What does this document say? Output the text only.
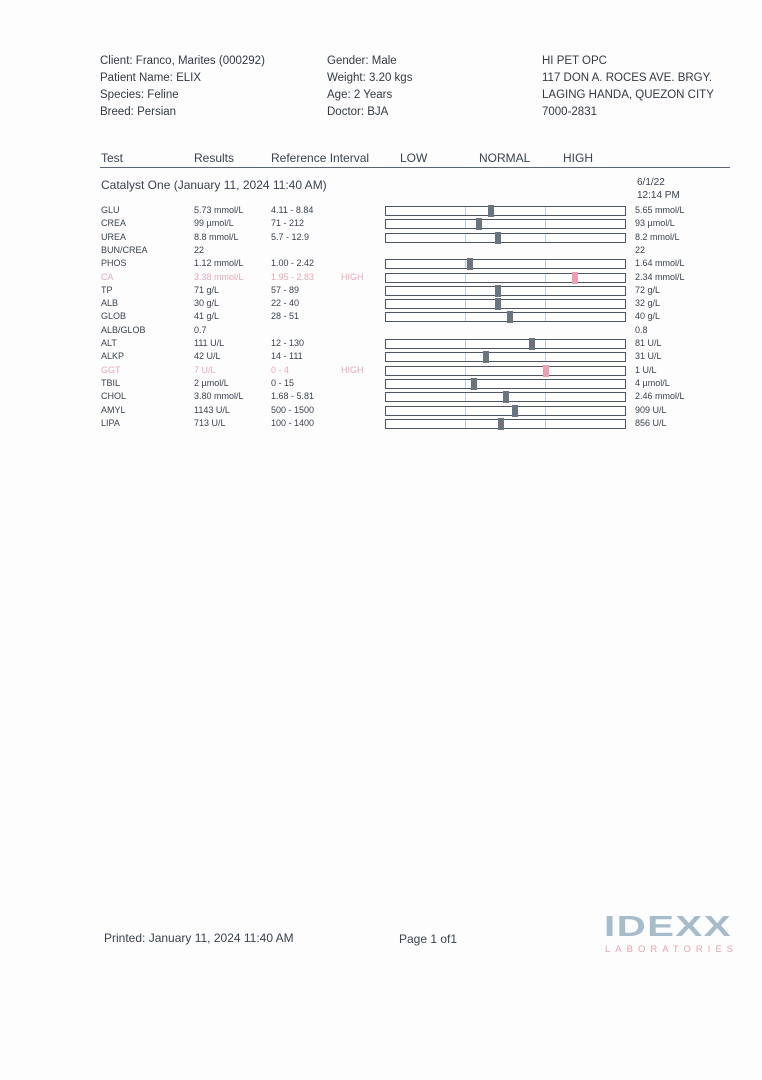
Client: Franco, Marites (000292)
Patient Name: ELIX
Species: Feline
Breed: Persian
Gender: Male
Weight: 3.20 kgs
Age: 2 Years
Doctor: BJA
HI PET OPC
117 DON A. ROCES AVE. BRGY.
LAGING HANDA, QUEZON CITY
7000-2831
Test	Results	Reference Interval	LOW	NORMAL	HIGH
Catalyst One (January 11, 2024 11:40 AM)	6/1/22
12:14 PM
GLU	5.73 mmol/L	4.11 - 8.84	5.65 mmol/L
CREA	99 µmol/L	71 - 212	93 µmol/L
UREA	8.8 mmol/L	5.7 - 12.9	8.2 mmol/L
BUN/CREA	22	22
PHOS	1.12 mmol/L	1.00 - 2.42	1.64 mmol/L
CA	3.38 mmol/L	1.95 - 2.83	HIGH	2.34 mmol/L
TP	71 g/L	57 - 89	72 g/L
ALB	30 g/L	22 - 40	32 g/L
GLOB	41 g/L	28 - 51	40 g/L
ALB/GLOB	0.7	0.8
ALT	111 U/L	12 - 130	81 U/L
ALKP	42 U/L	14 - 111	31 U/L
GGT	7 U/L	0 - 4	HIGH	1 U/L
TBIL	2 µmol/L	0 - 15	4 µmol/L
CHOL	3.80 mmol/L	1.68 - 5.81	2.46 mmol/L
AMYL	1143 U/L	500 - 1500	909 U/L
LIPA	713 U/L	100 - 1400	856 U/L
Printed: January 11, 2024 11:40 AM	Page 1 of1	IDEXX
LABORATORIES
